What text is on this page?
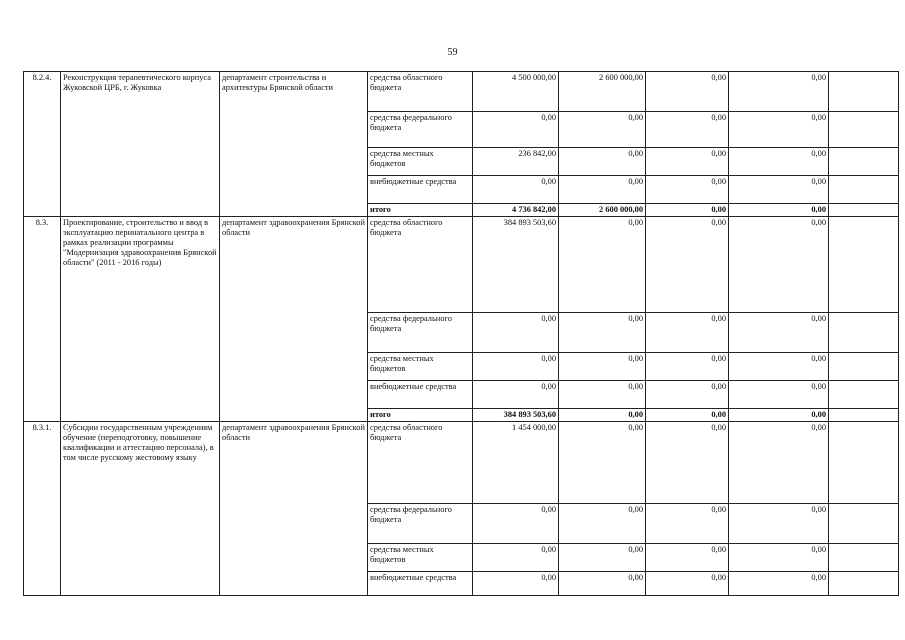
59
8.2.4.	Реконструкция терапевтического корпуса Жуковской ЦРБ, г. Жуковка	департамент строительства и архитектуры Брянской области	средства областного бюджета	4 500 000,00	2 600 000,00	0,00	0,00	
			средства федерального бюджета	0,00	0,00	0,00	0,00	
			средства местных бюджетов	236 842,00	0,00	0,00	0,00	
			внебюджетные средства	0,00	0,00	0,00	0,00	
			итого	4 736 842,00	2 600 000,00	0,00	0,00	
8.3.	Проектирование, строительство и ввод в эксплуатацию перинатального центра в рамках реализации программы "Модернизация здравоохранения Брянской области" (2011 - 2016 годы)	департамент здравоохранения Брянской области	средства областного бюджета	384 893 503,60	0,00	0,00	0,00	
			средства федерального бюджета	0,00	0,00	0,00	0,00	
			средства местных бюджетов	0,00	0,00	0,00	0,00	
			внебюджетные средства	0,00	0,00	0,00	0,00	
			итого	384 893 503,60	0,00	0,00	0,00	
8.3.1.	Субсидии государственным учреждениям обучение (переподготовку, повышение квалификации и аттестацию персонала), в том числе русскому жестовому языку	департамент здравоохранения Брянской области	средства областного бюджета	1 454 000,00	0,00	0,00	0,00	
			средства федерального бюджета	0,00	0,00	0,00	0,00	
			средства местных бюджетов	0,00	0,00	0,00	0,00	
			внебюджетные средства	0,00	0,00	0,00	0,00	
